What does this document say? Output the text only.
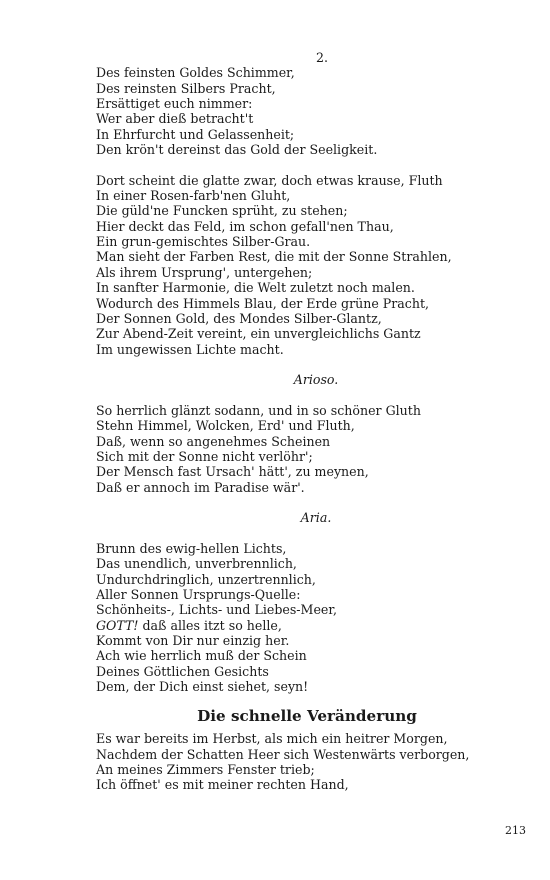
2.
Des feinsten Goldes Schimmer,
Des reinsten Silbers Pracht,
Ersättiget euch nimmer:
Wer aber dieß betracht't
In Ehrfurcht und Gelassenheit;
Den krön't dereinst das Gold der Seeligkeit.
Dort scheint die glatte zwar, doch etwas krause, Fluth
In einer Rosen-farb'nen Gluht,
Die güld'ne Funcken sprüht, zu stehen;
Hier deckt das Feld, im schon gefall'nen Thau,
Ein grun-gemischtes Silber-Grau.
Man sieht der Farben Rest, die mit der Sonne Strahlen,
Als ihrem Ursprung', untergehen;
In sanfter Harmonie, die Welt zuletzt noch malen.
Wodurch des Himmels Blau, der Erde grüne Pracht,
Der Sonnen Gold, des Mondes Silber-Glantz,
Zur Abend-Zeit vereint, ein unvergleichlichs Gantz
Im ungewissen Lichte macht.
Arioso.
So herrlich glänzt sodann, und in so schöner Gluth
Stehn Himmel, Wolcken, Erd' und Fluth,
Daß, wenn so angenehmes Scheinen
Sich mit der Sonne nicht verlöhr';
Der Mensch fast Ursach' hätt', zu meynen,
Daß er annoch im Paradise wär'.
Aria.
Brunn des ewig-hellen Lichts,
Das unendlich, unverbrennlich,
Undurchdringlich, unzertrennlich,
Aller Sonnen Ursprungs-Quelle:
Schönheits-, Lichts- und Liebes-Meer,
GOTT! daß alles itzt so helle,
Kommt von Dir nur einzig her.
Ach wie herrlich muß der Schein
Deines Göttlichen Gesichts
Dem, der Dich einst siehet, seyn!
Die schnelle Veränderung
Es war bereits im Herbst, als mich ein heitrer Morgen,
Nachdem der Schatten Heer sich Westenwärts verborgen,
An meines Zimmers Fenster trieb;
Ich öffnet' es mit meiner rechten Hand,
213
